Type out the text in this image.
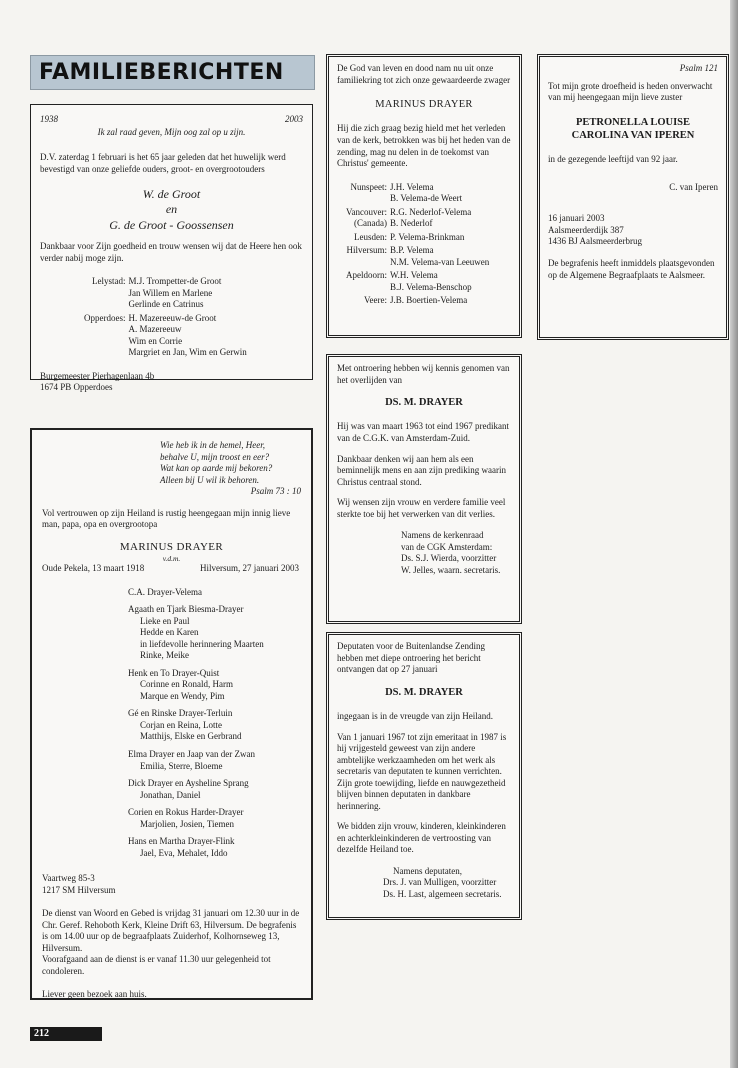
FAMILIEBERICHTEN
1938	2003

Ik zal raad geven, Mijn oog zal op u zijn.

D.V. zaterdag 1 februari is het 65 jaar geleden dat het huwelijk werd bevestigd van onze geliefde ouders, groot- en overgrootouders

W. de Groot

en

G. de Groot - Goossensen

Dankbaar voor Zijn goedheid en trouw wensen wij dat de Heere hen ook verder nabij moge zijn.

Lelystad:	M.J. Trompetter-de Groot
Jan Willem en Marlene
Gerlinde en Catrinus

Opperdoes:	H. Mazereeuw-de Groot
A. Mazereeuw
Wim en Corrie
Margriet en Jan, Wim en Gerwin

Burgemeester Pierhagenlaan 4b

1674 PB Opperdoes

Wie heb ik in de hemel, Heer,

behalve U, mijn troost en eer?

Wat kan op aarde mij bekoren?

Alleen bij U wil ik behoren.

Psalm 73 : 10

Vol vertrouwen op zijn Heiland is rustig heengegaan mijn innig lieve man, papa, opa en overgrootopa

MARINUS DRAYER

v.d.m.

Oude Pekela, 13 maart 1918	Hilversum, 27 januari 2003

C.A. Drayer-Velema

Agaath en Tjark Biesma-Drayer

Lieke en Paul

Hedde en Karen

in liefdevolle herinnering Maarten

Rinke, Meike

Henk en To Drayer-Quist

Corinne en Ronald, Harm

Marque en Wendy, Pim

Gé en Rinske Drayer-Terluin

Corjan en Reina, Lotte

Matthijs, Elske en Gerbrand

Elma Drayer en Jaap van der Zwan

Emilia, Sterre, Bloeme

Dick Drayer en Aysheline Sprang

Jonathan, Daniel

Corien en Rokus Harder-Drayer

Marjolien, Josien, Tiemen

Hans en Martha Drayer-Flink

Jael, Eva, Mehalet, Iddo

Vaartweg 85-3

1217 SM Hilversum

De dienst van Woord en Gebed is vrijdag 31 januari om 12.30 uur in de Chr. Geref. Rehoboth Kerk, Kleine Drift 63, Hilversum. De begrafenis is om 14.00 uur op de begraafplaats Zuiderhof, Kolhornseweg 13, Hilversum.

Voorafgaand aan de dienst is er vanaf 11.30 uur gelegenheid tot condoleren.

Liever geen bezoek aan huis.

De God van leven en dood nam nu uit onze familiekring tot zich onze gewaardeerde zwager

MARINUS DRAYER

Hij die zich graag bezig hield met het verleden van de kerk, betrokken was bij het heden van de zending, mag nu delen in de toekomst van Christus' gemeente.

Nunspeet:	J.H. Velema
B. Velema-de Weert

Vancouver: (Canada)	R.G. Nederlof-Velema
B. Nederlof

Leusden:	P. Velema-Brinkman

Hilversum:	B.P. Velema
N.M. Velema-van Leeuwen

Apeldoorn:	W.H. Velema
B.J. Velema-Benschop

Veere:	J.B. Boertien-Velema

Met ontroering hebben wij kennis genomen van het overlijden van

DS. M. DRAYER

Hij was van maart 1963 tot eind 1967 predikant van de C.G.K. van Amsterdam-Zuid.

Dankbaar denken wij aan hem als een beminnelijk mens en aan zijn prediking waarin Christus centraal stond.

Wij wensen zijn vrouw en verdere familie veel sterkte toe bij het verwerken van dit verlies.

Namens de kerkenraad

van de CGK Amsterdam:

Ds. S.J. Wierda, voorzitter

W. Jelles, waarn. secretaris.

Deputaten voor de Buitenlandse Zending hebben met diepe ontroering het bericht ontvangen dat op 27 januari

DS. M. DRAYER

ingegaan is in de vreugde van zijn Heiland.

Van 1 januari 1967 tot zijn emeritaat in 1987 is hij vrijgesteld geweest van zijn andere ambtelijke werkzaamheden om het werk als secretaris van deputaten te kunnen verrichten. Zijn grote toewijding, liefde en nauwgezetheid blijven binnen deputaten in dankbare herinnering.

We bidden zijn vrouw, kinderen, kleinkinderen en achterkleinkinderen de vertroosting van dezelfde Heiland toe.

Namens deputaten,

Drs. J. van Mulligen, voorzitter

Ds. H. Last, algemeen secretaris.

Psalm 121

Tot mijn grote droefheid is heden onverwacht van mij heengegaan mijn lieve zuster

PETRONELLA LOUISE

CAROLINA VAN IPEREN

in de gezegende leeftijd van 92 jaar.

C. van Iperen

16 januari 2003

Aalsmeerderdijk 387

1436 BJ Aalsmeerderbrug

De begrafenis heeft inmiddels plaatsgevonden op de Algemene Begraafplaats te Aalsmeer.

212
